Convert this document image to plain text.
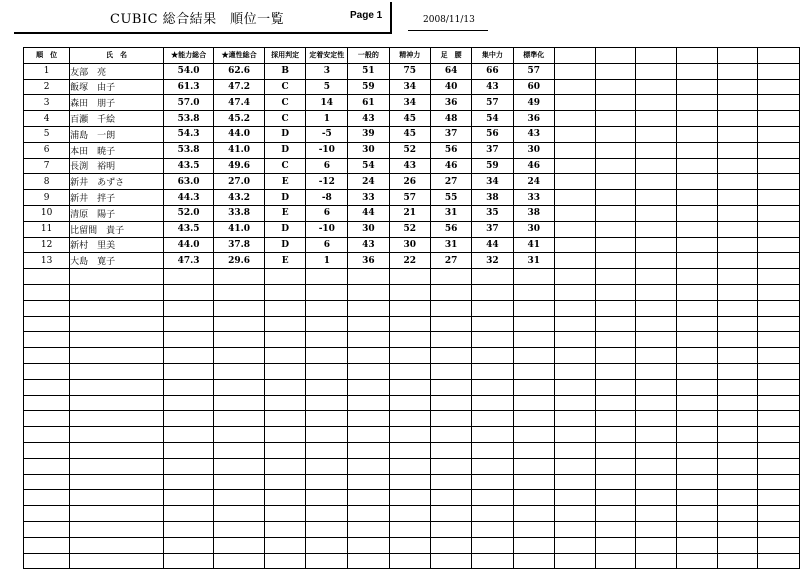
CUBIC 総合結果　順位一覧	Page 1	2008/11/13
順　位	氏　名	★能力総合	★適性総合	採用判定	定着安定性	一般的	精神力	足　腰	集中力	標準化						
1	友部　亮	54.0	62.6	B	3	51	75	64	66	57						
2	飯塚　由子	61.3	47.2	C	5	59	34	40	43	60						
3	森田　朋子	57.0	47.4	C	14	61	34	36	57	49						
4	百瀬　千絵	53.8	45.2	C	1	43	45	48	54	36						
5	浦島　一朗	54.3	44.0	D	-5	39	45	37	56	43						
6	本田　暁子	53.8	41.0	D	-10	30	52	56	37	30						
7	長渕　裕明	43.5	49.6	C	6	54	43	46	59	46						
8	新井　あずさ	63.0	27.0	E	-12	24	26	27	34	24						
9	新井　拌子	44.3	43.2	D	-8	33	57	55	38	33						
10	清原　陽子	52.0	33.8	E	6	44	21	31	35	38						
11	比留間　貴子	43.5	41.0	D	-10	30	52	56	37	30						
12	新村　里美	44.0	37.8	D	6	43	30	31	44	41						
13	大島　寛子	47.3	29.6	E	1	36	22	27	32	31						
